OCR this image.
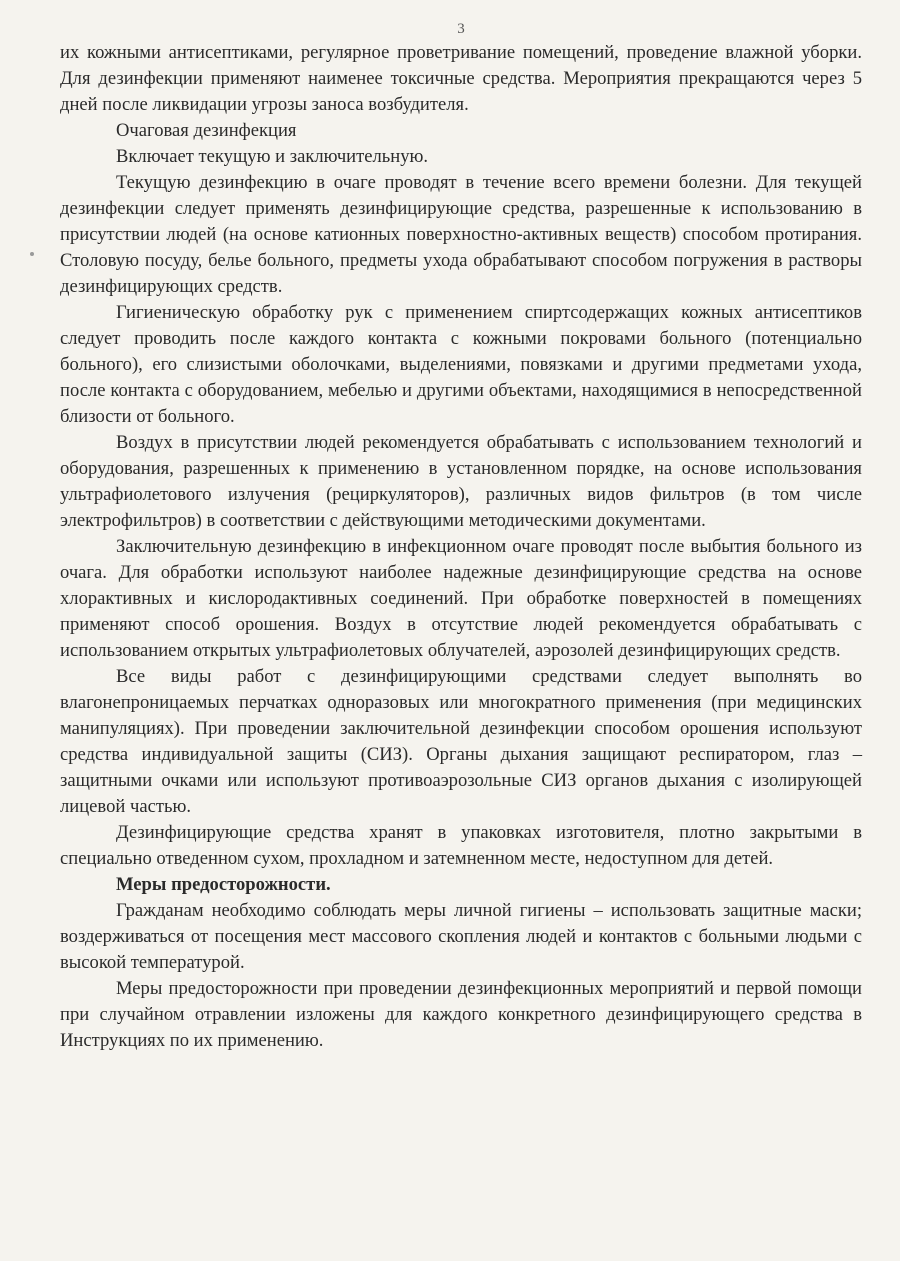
3

их кожными антисептиками, регулярное проветривание помещений, проведение влажной уборки. Для дезинфекции применяют наименее токсичные средства. Мероприятия прекращаются через 5 дней после ликвидации угрозы заноса возбудителя.

Очаговая дезинфекция

Включает текущую и заключительную.

Текущую дезинфекцию в очаге проводят в течение всего времени болезни. Для текущей дезинфекции следует применять дезинфицирующие средства, разрешенные к использованию в присутствии людей (на основе катионных поверхностно-активных веществ) способом протирания. Столовую посуду, белье больного, предметы ухода обрабатывают способом погружения в растворы дезинфицирующих средств.

Гигиеническую обработку рук с применением спиртсодержащих кожных антисептиков следует проводить после каждого контакта с кожными покровами больного (потенциально больного), его слизистыми оболочками, выделениями, повязками и другими предметами ухода, после контакта с оборудованием, мебелью и другими объектами, находящимися в непосредственной близости от больного.

Воздух в присутствии людей рекомендуется обрабатывать с использованием технологий и оборудования, разрешенных к применению в установленном порядке, на основе использования ультрафиолетового излучения (рециркуляторов), различных видов фильтров (в том числе электрофильтров) в соответствии с действующими методическими документами.

Заключительную дезинфекцию в инфекционном очаге проводят после выбытия больного из очага. Для обработки используют наиболее надежные дезинфицирующие средства на основе хлорактивных и кислородактивных соединений. При обработке поверхностей в помещениях применяют способ орошения. Воздух в отсутствие людей рекомендуется обрабатывать с использованием открытых ультрафиолетовых облучателей, аэрозолей дезинфицирующих средств.

Все виды работ с дезинфицирующими средствами следует выполнять во влагонепроницаемых перчатках одноразовых или многократного применения (при медицинских манипуляциях). При проведении заключительной дезинфекции способом орошения используют средства индивидуальной защиты (СИЗ). Органы дыхания защищают респиратором, глаз –защитными очками или используют противоаэрозольные СИЗ органов дыхания с изолирующей лицевой частью.

Дезинфицирующие средства хранят в упаковках изготовителя, плотно закрытыми в специально отведенном сухом, прохладном и затемненном месте, недоступном для детей.

Меры предосторожности.

Гражданам необходимо соблюдать меры личной гигиены – использовать защитные маски; воздерживаться от посещения мест массового скопления людей и контактов с больными людьми с высокой температурой.

Меры предосторожности при проведении дезинфекционных мероприятий и первой помощи при случайном отравлении изложены для каждого конкретного дезинфицирующего средства в Инструкциях по их применению.
